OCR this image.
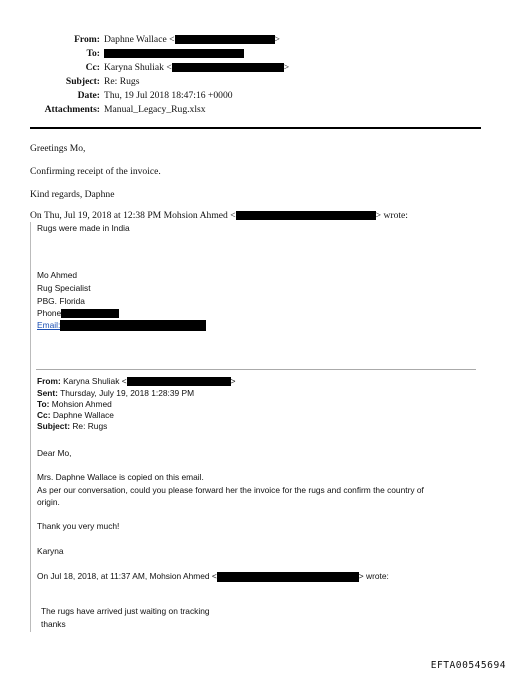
From: Daphne Wallace <	>
To:
Cc: Karyna Shuliak <	>
Subject: Re: Rugs
Date: Thu, 19 Jul 2018 18:47:16 +0000
Attachments: Manual_Legacy_Rug.xlsx
Greetings Mo,
Confirming receipt of the invoice.
Kind regards, Daphne
On Thu, Jul 19, 2018 at 12:38 PM Mohsion Ahmed <	> wrote:
Rugs were made in India
Mo Ahmed
Rug Specialist
PBG. Florida
Phone
Email:
From: Karyna Shuliak <	>
Sent: Thursday, July 19, 2018 1:28:39 PM
To: Mohsion Ahmed
Cc: Daphne Wallace
Subject: Re: Rugs
Dear Mo,
Mrs. Daphne Wallace is copied on this email.
As per our conversation, could you please forward her the invoice for the rugs and confirm the country of
origin.
Thank you very much!
Karyna
On Jul 18, 2018, at 11:37 AM, Mohsion Ahmed <	> wrote:
The rugs have arrived just waiting on tracking
thanks
EFTA00545694
